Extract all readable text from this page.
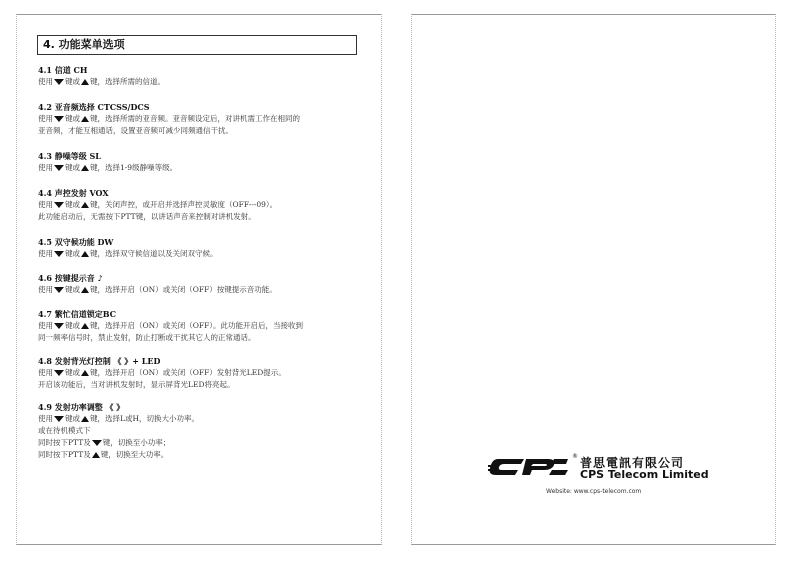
4. 功能菜单选项
4.1 信道 CH
使用 键或 键，选择所需的信道。
4.2 亚音频选择 CTCSS/DCS
使用 键或 键，选择所需的亚音频。亚音频设定后，对讲机需工作在相同的
亚音频，才能互相通话，设置亚音频可减少同频通信干扰。
4.3 静噪等级 SL
使用 键或 键，选择1-9级静噪等级。
4.4 声控发射 VOX
使用 键或 键，关闭声控，或开启并选择声控灵敏度（OFF---09）。
此功能启动后，无需按下PTT键，以讲话声音来控制对讲机发射。
4.5 双守候功能 DW
使用 键或 键，选择双守候信道以及关闭双守候。
4.6 按键提示音 ♪
使用 键或 键，选择开启（ON）或关闭（OFF）按键提示音功能。
4.7 繁忙信道锁定BC
使用 键或 键，选择开启（ON）或关闭（OFF）。此功能开启后，当接收到
同一频率信号时，禁止发射，防止打断或干扰其它人的正常通话。
4.8 发射背光灯控制 《 》+ LED
使用 键或 键，选择开启（ON）或关闭（OFF）发射背光LED提示。
开启该功能后，当对讲机发射时，显示屏背光LED将亮起。
4.9 发射功率调整 《 》
使用 键或 键，选择L或H，切换大小功率。
或在待机模式下
同时按下PTT及 键，切换至小功率；
同时按下PTT及 键，切换至大功率。	® 普思電訊有限公司
CPS Telecom Limited
Website: www.cps-telecom.com
